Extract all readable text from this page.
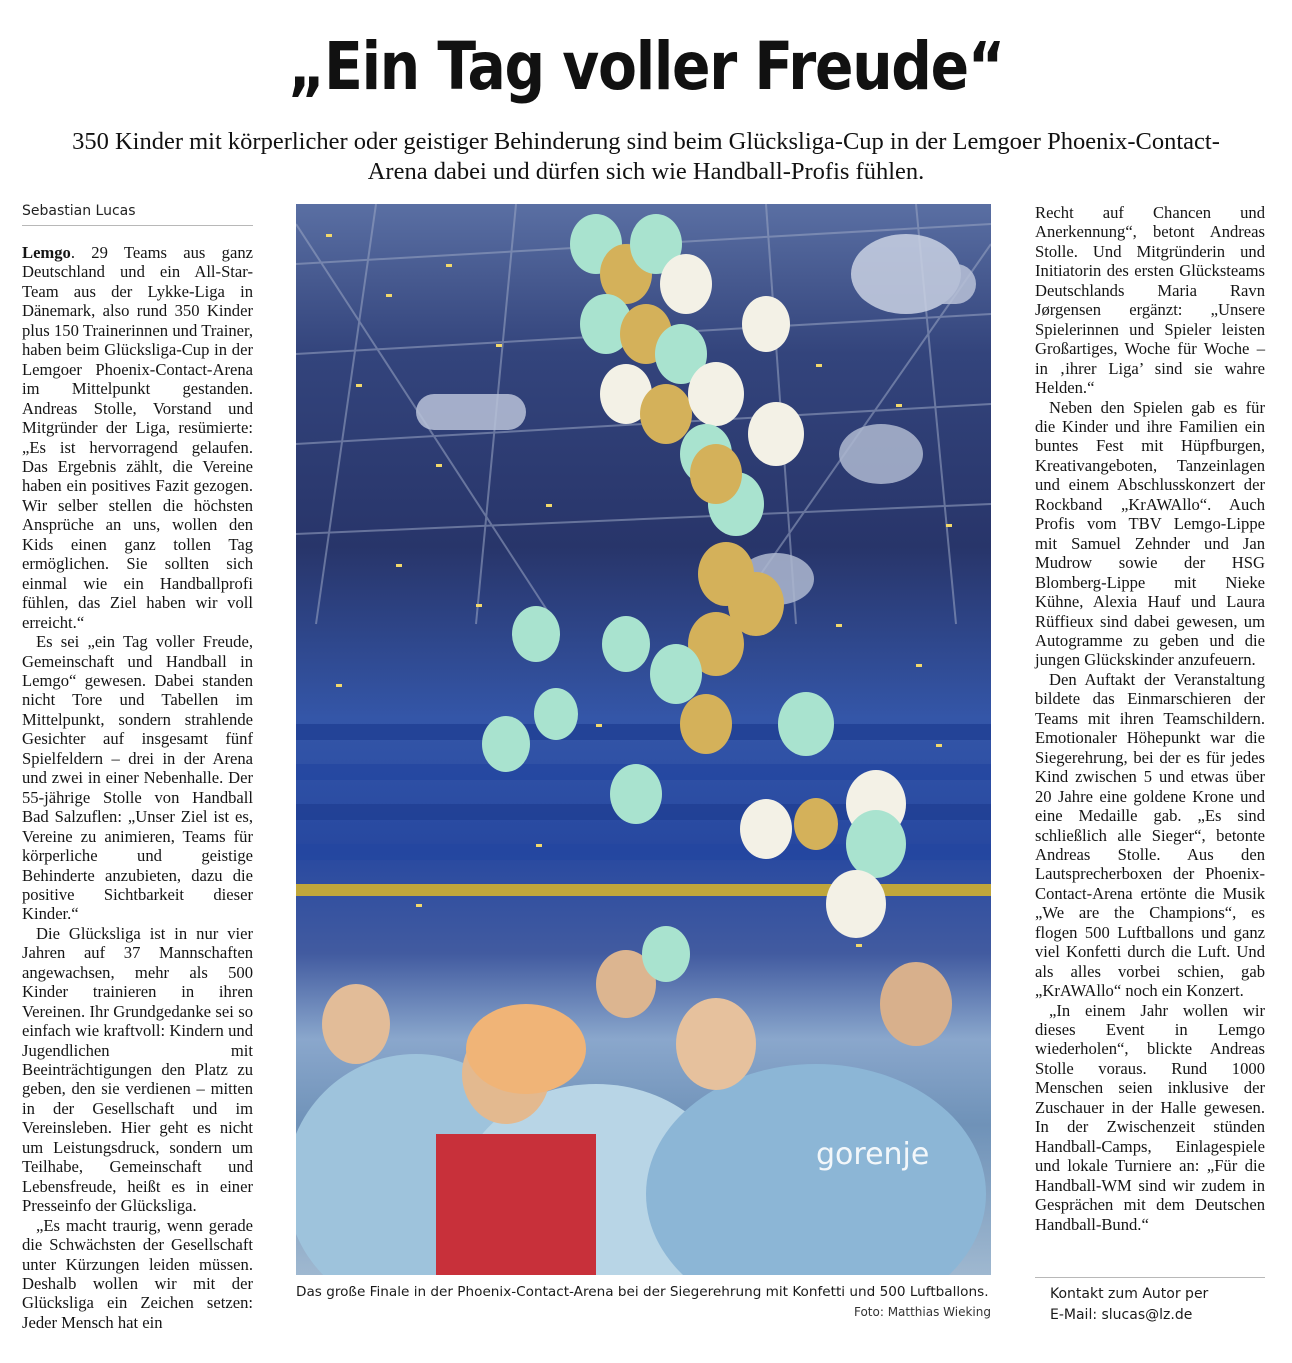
„Ein Tag voller Freude“
350 Kinder mit körperlicher oder geistiger Behinderung sind beim Glücksliga-Cup in der Lemgoer Phoenix-Contact-Arena dabei und dürfen sich wie Handball-Profis fühlen.
Sebastian Lucas

Lemgo. 29 Teams aus ganz Deutschland und ein All-Star-Team aus der Lykke-Liga in Dänemark, also rund 350 Kinder plus 150 Trainerinnen und Trainer, haben beim Glücksliga-Cup in der Lemgoer Phoenix-Contact-Arena im Mittelpunkt gestanden. Andreas Stolle, Vorstand und Mitgründer der Liga, resümierte: „Es ist hervorragend gelaufen. Das Ergebnis zählt, die Vereine haben ein positives Fazit gezogen. Wir selber stellen die höchsten Ansprüche an uns, wollen den Kids einen ganz tollen Tag ermöglichen. Sie sollten sich einmal wie ein Handballprofi fühlen, das Ziel haben wir voll erreicht.“

Es sei „ein Tag voller Freude, Gemeinschaft und Handball in Lemgo“ gewesen. Dabei standen nicht Tore und Tabellen im Mittelpunkt, sondern strahlende Gesichter auf insgesamt fünf Spielfeldern – drei in der Arena und zwei in einer Nebenhalle. Der 55-jährige Stolle von Handball Bad Salzuflen: „Unser Ziel ist es, Vereine zu animieren, Teams für körperliche und geistige Behinderte anzubieten, dazu die positive Sichtbarkeit dieser Kinder.“

Die Glücksliga ist in nur vier Jahren auf 37 Mannschaften angewachsen, mehr als 500 Kinder trainieren in ihren Vereinen. Ihr Grundgedanke sei so einfach wie kraftvoll: Kindern und Jugendlichen mit Beeinträchtigungen den Platz zu geben, den sie verdienen – mitten in der Gesellschaft und im Vereinsleben. Hier geht es nicht um Leistungsdruck, sondern um Teilhabe, Gemeinschaft und Lebensfreude, heißt es in einer Presseinfo der Glücksliga.

„Es macht traurig, wenn gerade die Schwächsten der Gesellschaft unter Kürzungen leiden müssen. Deshalb wollen wir mit der Glücksliga ein Zeichen setzen: Jeder Mensch hat ein

gorenje
Das große Finale in der Phoenix-Contact-Arena bei der Siegerehrung mit Konfetti und 500 Luftballons.
Foto: Matthias Wieking

Recht auf Chancen und Anerkennung“, betont Andreas Stolle. Und Mitgründerin und Initiatorin des ersten Glücksteams Deutschlands Maria Ravn Jørgensen ergänzt: „Unsere Spielerinnen und Spieler leisten Großartiges, Woche für Woche – in ‚ihrer Liga’ sind sie wahre Helden.“

Neben den Spielen gab es für die Kinder und ihre Familien ein buntes Fest mit Hüpfburgen, Kreativangeboten, Tanzeinlagen und einem Abschlusskonzert der Rockband „KrAWAllo“. Auch Profis vom TBV Lemgo-Lippe mit Samuel Zehnder und Jan Mudrow sowie der HSG Blomberg-Lippe mit Nieke Kühne, Alexia Hauf und Laura Rüffieux sind dabei gewesen, um Autogramme zu geben und die jungen Glückskinder anzufeuern.

Den Auftakt der Veranstaltung bildete das Einmarschieren der Teams mit ihren Teamschildern. Emotionaler Höhepunkt war die Siegerehrung, bei der es für jedes Kind zwischen 5 und etwas über 20 Jahre eine goldene Krone und eine Medaille gab. „Es sind schließlich alle Sieger“, betonte Andreas Stolle. Aus den Lautsprecherboxen der Phoenix-Contact-Arena ertönte die Musik „We are the Champions“, es flogen 500 Luftballons und ganz viel Konfetti durch die Luft. Und als alles vorbei schien, gab „KrAWAllo“ noch ein Konzert.

„In einem Jahr wollen wir dieses Event in Lemgo wiederholen“, blickte Andreas Stolle voraus. Rund 1000 Menschen seien inklusive der Zuschauer in der Halle gewesen. In der Zwischenzeit stünden Handball-Camps, Einlagespiele und lokale Turniere an: „Für die Handball-WM sind wir zudem in Gesprächen mit dem Deutschen Handball-Bund.“

Kontakt zum Autor per
E-Mail: slucas@lz.de
